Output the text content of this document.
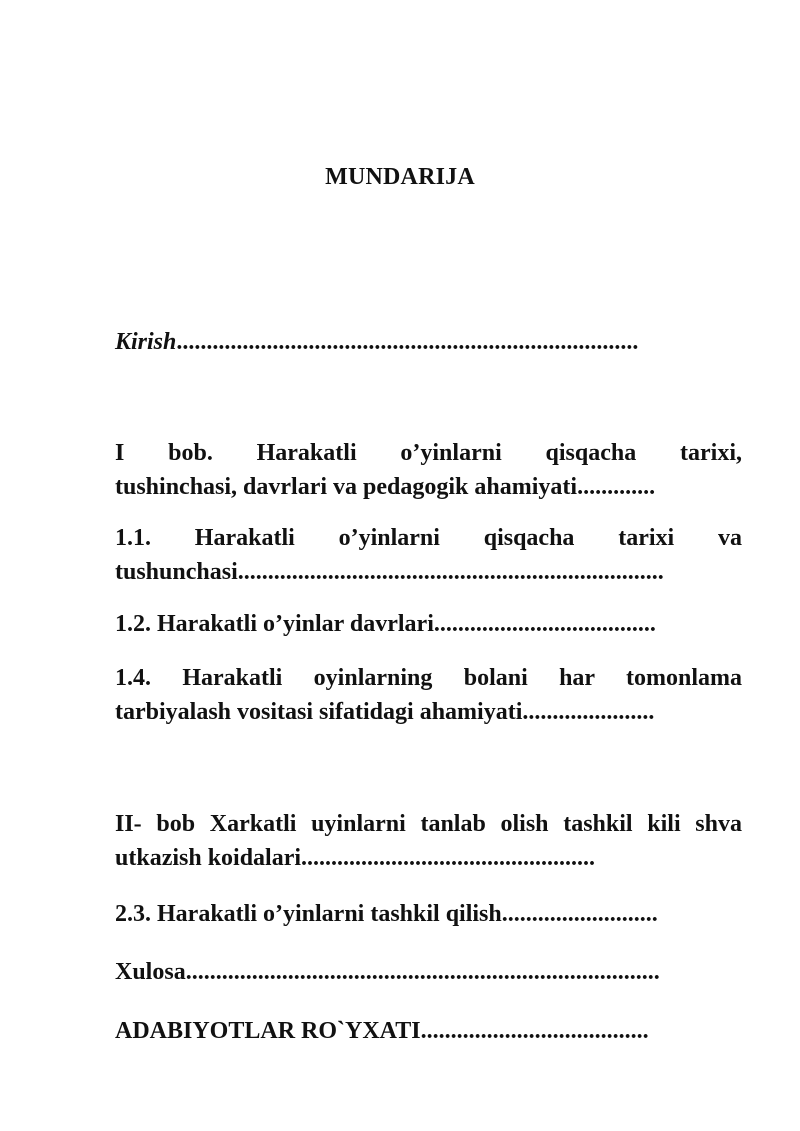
MUNDARIJA
Kirish.............................................................................
I bob. Harakatli o’yinlarni qisqacha tarixi,
tushinchasi, davrlari va pedagogik ahamiyati.............
1.1. Harakatli o’yinlarni qisqacha tarixi va
tushunchasi.......................................................................
1.2. Harakatli o’yinlar davrlari.....................................
1.4. Harakatli oyinlarning bolani har tomonlama
tarbiyalash vositasi sifatidagi ahamiyati......................
II- bob Xarkatli uyinlarni tanlab olish tashkil kili shva
utkazish koidalari.................................................
2.3. Harakatli o’yinlarni tashkil qilish..........................
Xulosa...............................................................................
ADABIYOTLAR RO`YXATI......................................
